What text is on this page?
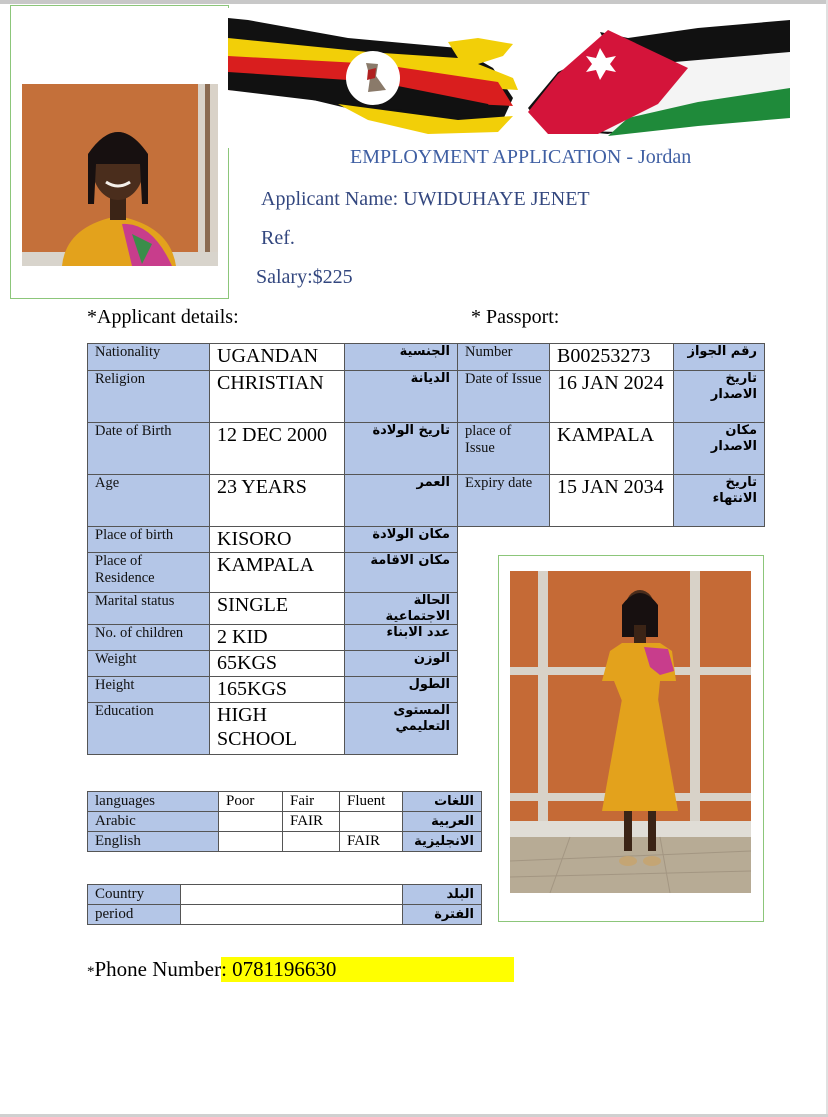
EMPLOYMENT APPLICATION - Jordan
Applicant Name: UWIDUHAYE JENET
Ref.
Salary:$225
*Applicant details:	* Passport:
Nationality	UGANDAN	الجنسية
Religion	CHRISTIAN	الديانة
Date of Birth	12 DEC 2000	تاريخ الولادة
Age	23 YEARS	العمر
Place of birth	KISORO	مكان الولادة
Place of Residence	KAMPALA	مكان الاقامة
Marital status	SINGLE	الحالة الاجتماعية
No. of children	2 KID	عدد الابناء
Weight	65KGS	الوزن
Height	165KGS	الطول
Education	HIGH SCHOOL	المستوى التعليمي
Number	B00253273	رقم الجواز
Date of Issue	16 JAN 2024	تاريخ الاصدار
place of Issue	KAMPALA	مكان الاصدار
Expiry date	15 JAN 2034	تاريخ الانتهاء
languages	Poor	Fair	Fluent	اللغات
Arabic		FAIR		العربية
English			FAIR	الانجليزية
Country		البلد
period		الفترة
*Phone Number: 0781196630
